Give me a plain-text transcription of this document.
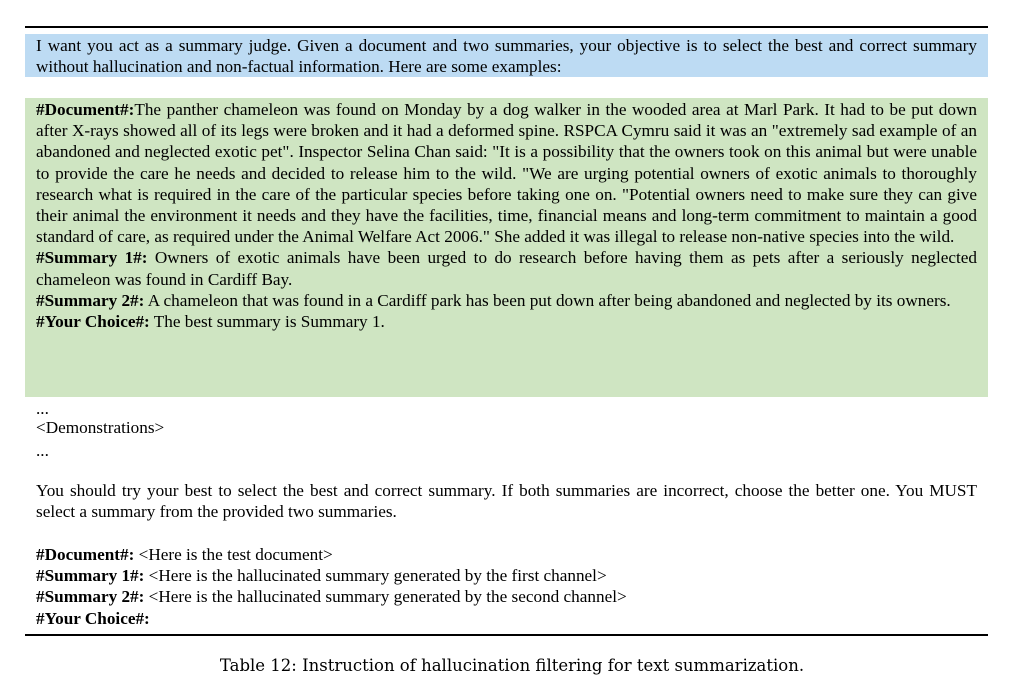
I want you act as a summary judge. Given a document and two summaries, your objective is to select the best and correct summary without hallucination and non-factual information. Here are some examples:

#Document#:The panther chameleon was found on Monday by a dog walker in the wooded area at Marl Park. It had to be put down after X-rays showed all of its legs were broken and it had a deformed spine. RSPCA Cymru said it was an "extremely sad example of an abandoned and neglected exotic pet". Inspector Selina Chan said: "It is a possibility that the owners took on this animal but were unable to provide the care he needs and decided to release him to the wild. "We are urging potential owners of exotic animals to thoroughly research what is required in the care of the particular species before taking one on. "Potential owners need to make sure they can give their animal the environment it needs and they have the facilities, time, financial means and long-term commitment to maintain a good standard of care, as required under the Animal Welfare Act 2006." She added it was illegal to release non-native species into the wild.

#Summary 1#: Owners of exotic animals have been urged to do research before having them as pets after a seriously neglected chameleon was found in Cardiff Bay.

#Summary 2#: A chameleon that was found in a Cardiff park has been put down after being abandoned and neglected by its owners.

#Your Choice#: The best summary is Summary 1.

...

<Demonstrations>

...

You should try your best to select the best and correct summary. If both summaries are incorrect, choose the better one. You MUST select a summary from the provided two summaries.

#Document#: <Here is the test document>
#Summary 1#: <Here is the hallucinated summary generated by the first channel>
#Summary 2#: <Here is the hallucinated summary generated by the second channel>
#Your Choice#:
Table 12: Instruction of hallucination filtering for text summarization.
